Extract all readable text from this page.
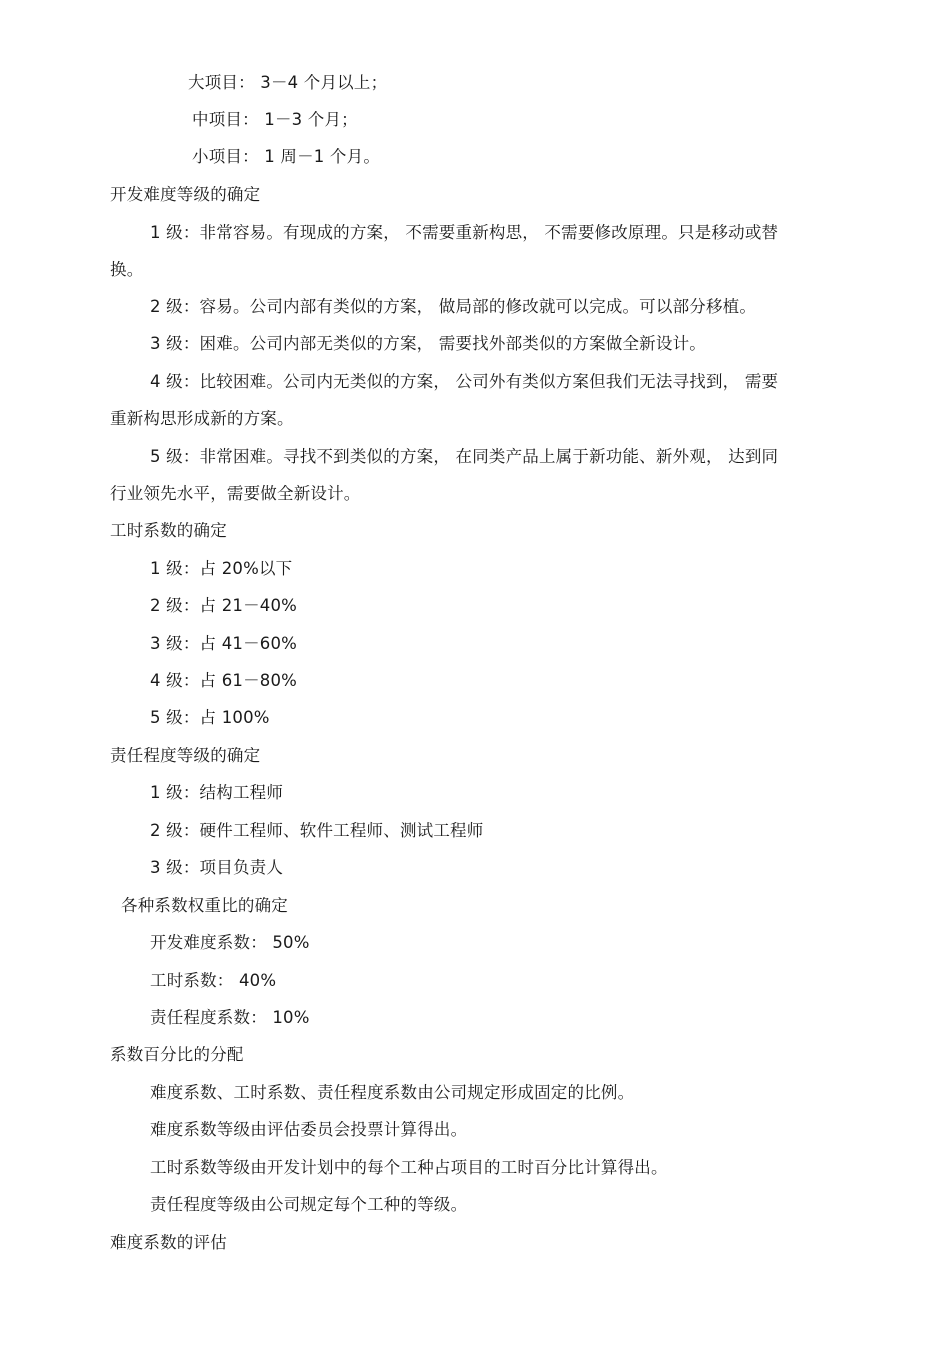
大项目： 3－4 个月以上；
中项目： 1－3 个月；
小项目： 1 周－1 个月。
开发难度等级的确定
1 级：非常容易。有现成的方案， 不需要重新构思， 不需要修改原理。只是移动或替
换。
2 级：容易。公司内部有类似的方案， 做局部的修改就可以完成。可以部分移植。
3 级：困难。公司内部无类似的方案， 需要找外部类似的方案做全新设计。
4 级：比较困难。公司内无类似的方案， 公司外有类似方案但我们无法寻找到， 需要
重新构思形成新的方案。
5 级：非常困难。寻找不到类似的方案， 在同类产品上属于新功能、新外观， 达到同
行业领先水平，需要做全新设计。
工时系数的确定
1 级：占 20%以下
2 级：占 21－40%
3 级：占 41－60%
4 级：占 61－80%
5 级：占 100%
责任程度等级的确定
1 级：结构工程师
2 级：硬件工程师、软件工程师、测试工程师
3 级：项目负责人
各种系数权重比的确定
开发难度系数： 50%
工时系数： 40%
责任程度系数： 10%
系数百分比的分配
难度系数、工时系数、责任程度系数由公司规定形成固定的比例。
难度系数等级由评估委员会投票计算得出。
工时系数等级由开发计划中的每个工种占项目的工时百分比计算得出。
责任程度等级由公司规定每个工种的等级。
难度系数的评估
